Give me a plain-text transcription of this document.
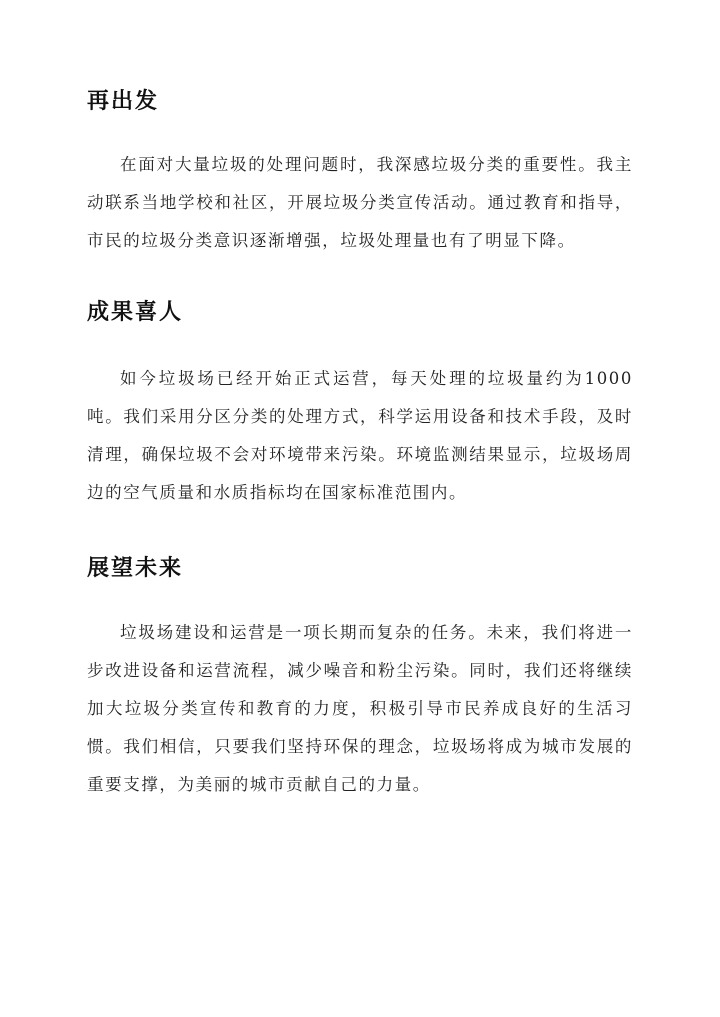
再出发

在面对大量垃圾的处理问题时，我深感垃圾分类的重要性。我主动联系当地学校和社区，开展垃圾分类宣传活动。通过教育和指导，市民的垃圾分类意识逐渐增强，垃圾处理量也有了明显下降。

成果喜人

如今垃圾场已经开始正式运营，每天处理的垃圾量约为1000吨。我们采用分区分类的处理方式，科学运用设备和技术手段，及时清理，确保垃圾不会对环境带来污染。环境监测结果显示，垃圾场周边的空气质量和水质指标均在国家标准范围内。

展望未来

垃圾场建设和运营是一项长期而复杂的任务。未来，我们将进一步改进设备和运营流程，减少噪音和粉尘污染。同时，我们还将继续加大垃圾分类宣传和教育的力度，积极引导市民养成良好的生活习惯。我们相信，只要我们坚持环保的理念，垃圾场将成为城市发展的重要支撑，为美丽的城市贡献自己的力量。
